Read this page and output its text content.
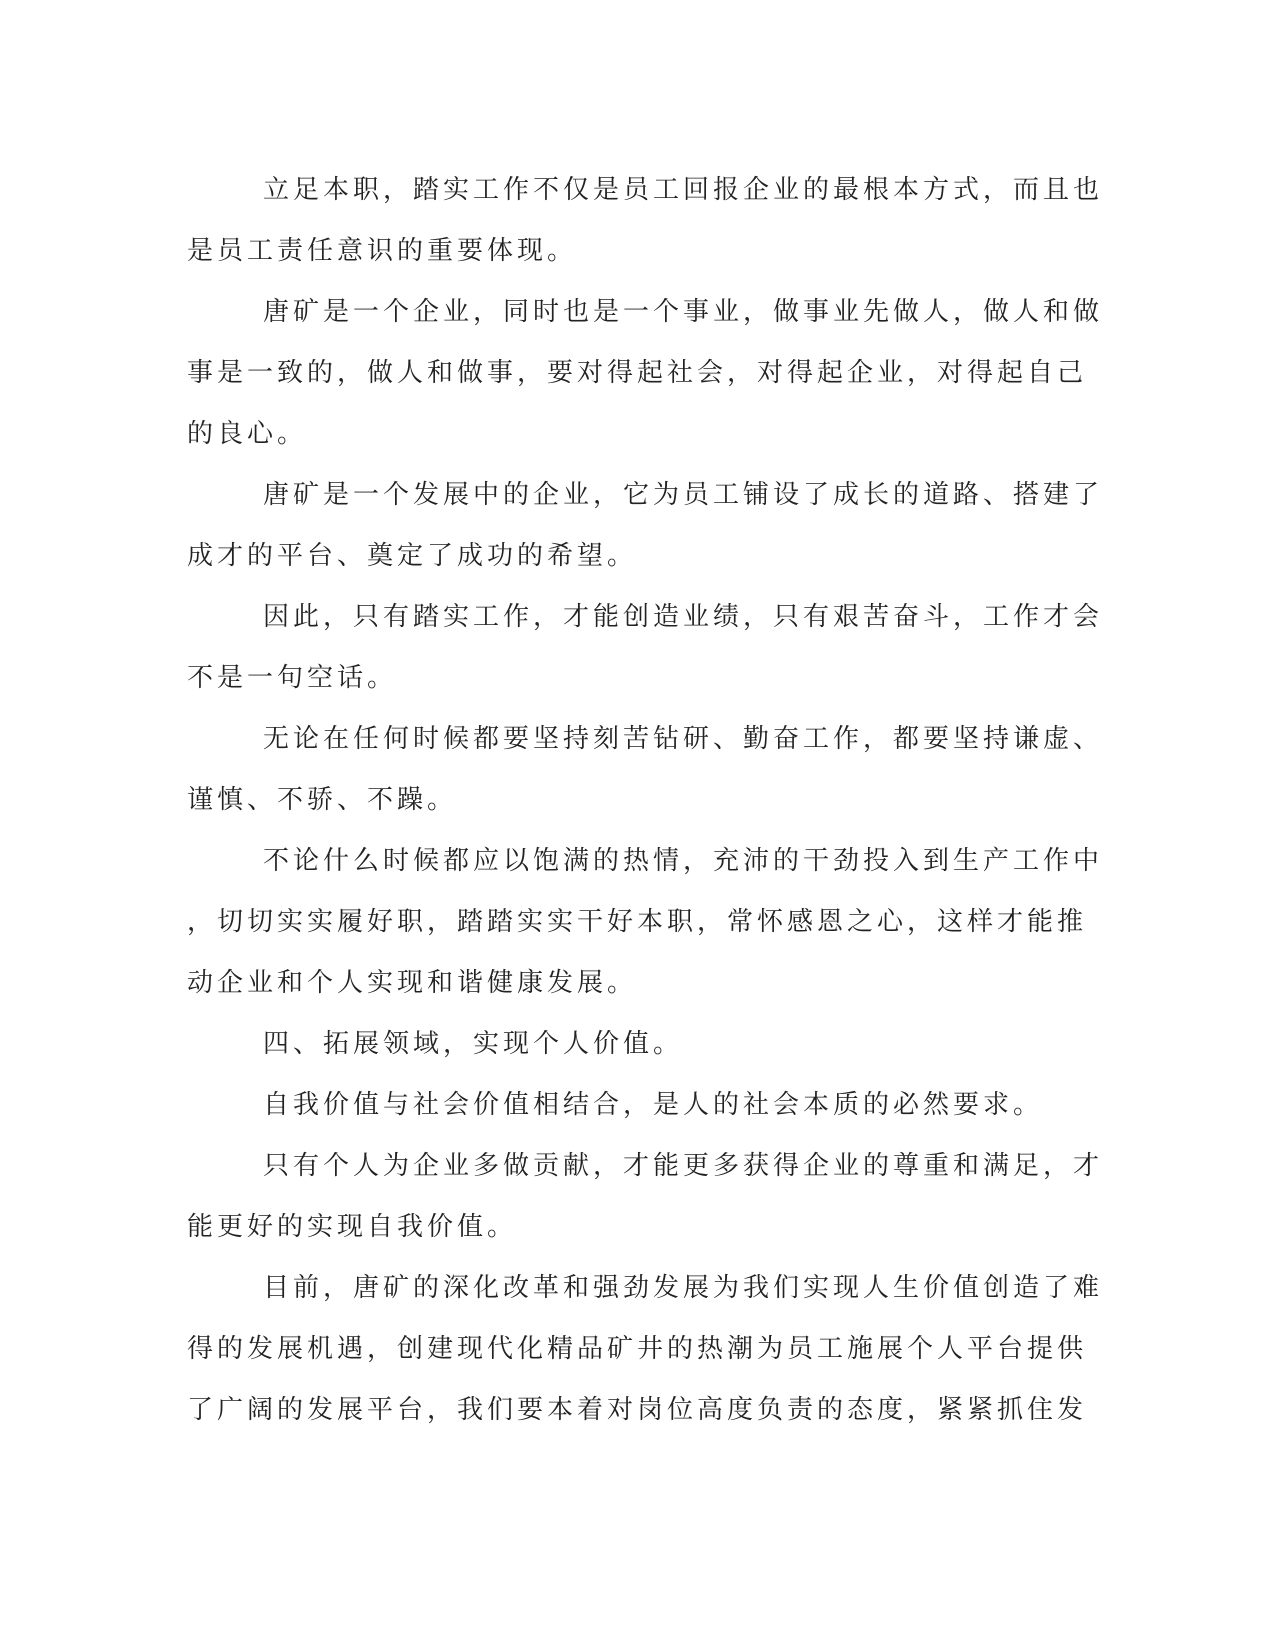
立足本职，踏实工作不仅是员工回报企业的最根本方式，而且也
是员工责任意识的重要体现。
唐矿是一个企业，同时也是一个事业，做事业先做人，做人和做
事是一致的，做人和做事，要对得起社会，对得起企业，对得起自己
的良心。
唐矿是一个发展中的企业，它为员工铺设了成长的道路、搭建了
成才的平台、奠定了成功的希望。
因此，只有踏实工作，才能创造业绩，只有艰苦奋斗，工作才会
不是一句空话。
无论在任何时候都要坚持刻苦钻研、勤奋工作，都要坚持谦虚、
谨慎、不骄、不躁。
不论什么时候都应以饱满的热情，充沛的干劲投入到生产工作中
，切切实实履好职，踏踏实实干好本职，常怀感恩之心，这样才能推
动企业和个人实现和谐健康发展。
四、拓展领域，实现个人价值。
自我价值与社会价值相结合，是人的社会本质的必然要求。
只有个人为企业多做贡献，才能更多获得企业的尊重和满足，才
能更好的实现自我价值。
目前，唐矿的深化改革和强劲发展为我们实现人生价值创造了难
得的发展机遇，创建现代化精品矿井的热潮为员工施展个人平台提供
了广阔的发展平台，我们要本着对岗位高度负责的态度，紧紧抓住发
